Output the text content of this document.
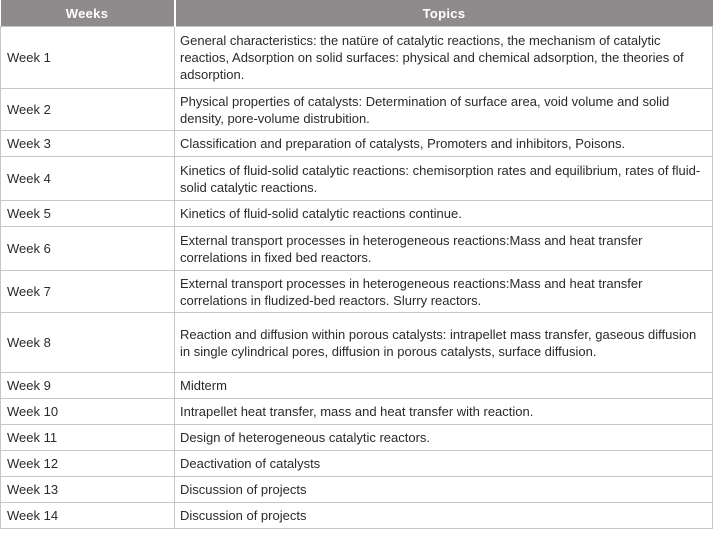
Weeks	Topics
Week 1	General characteristics: the natüre of catalytic reactions, the mechanism of catalytic reactios, Adsorption on solid surfaces: physical and chemical adsorption, the theories of adsorption.
Week 2	Physical properties of catalysts: Determination of surface area, void volume and solid density, pore-volume distrubition.
Week 3	Classification and preparation of catalysts, Promoters and inhibitors, Poisons.
Week 4	Kinetics of fluid-solid catalytic reactions: chemisorption rates and equilibrium, rates of fluid-solid catalytic reactions.
Week 5	Kinetics of fluid-solid catalytic reactions continue.
Week 6	External transport processes in heterogeneous reactions:Mass and heat transfer correlations in fixed bed reactors.
Week 7	External transport processes in heterogeneous reactions:Mass and heat transfer correlations in fludized-bed reactors. Slurry reactors.
Week 8	Reaction and diffusion within porous catalysts: intrapellet mass transfer, gaseous diffusion in single cylindrical pores, diffusion in porous catalysts, surface diffusion.
Week 9	Midterm
Week 10	Intrapellet heat transfer, mass and heat transfer with reaction.
Week 11	Design of heterogeneous catalytic reactors.
Week 12	Deactivation of catalysts
Week 13	Discussion of projects
Week 14	Discussion of projects
